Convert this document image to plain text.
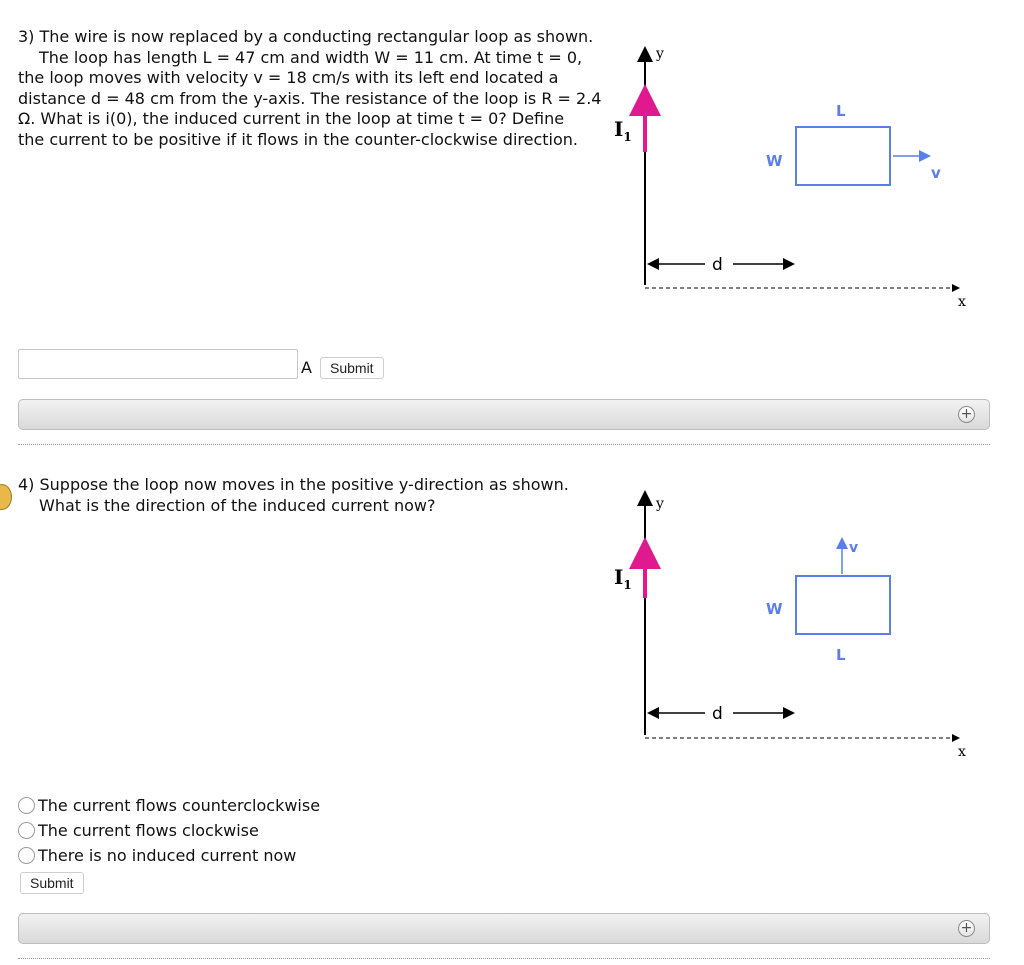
3) The wire is now replaced by a conducting rectangular loop as shown.

The loop has length L = 47 cm and width W = 11 cm. At time t = 0,

the loop moves with velocity v = 18 cm/s with its left end located a

distance d = 48 cm from the y-axis. The resistance of the loop is R = 2.4

Ω. What is i(0), the induced current in the loop at time t = 0? Define

the current to be positive if it flows in the counter-clockwise direction.

y
$I_1$
x
d
L
W
v
A	Submit
+

4) Suppose the loop now moves in the positive y-direction as shown.

What is the direction of the induced current now?	y
$I_1$
x
d
W
L
v
The current flows counterclockwise
The current flows clockwise
There is no induced current now
Submit
+
